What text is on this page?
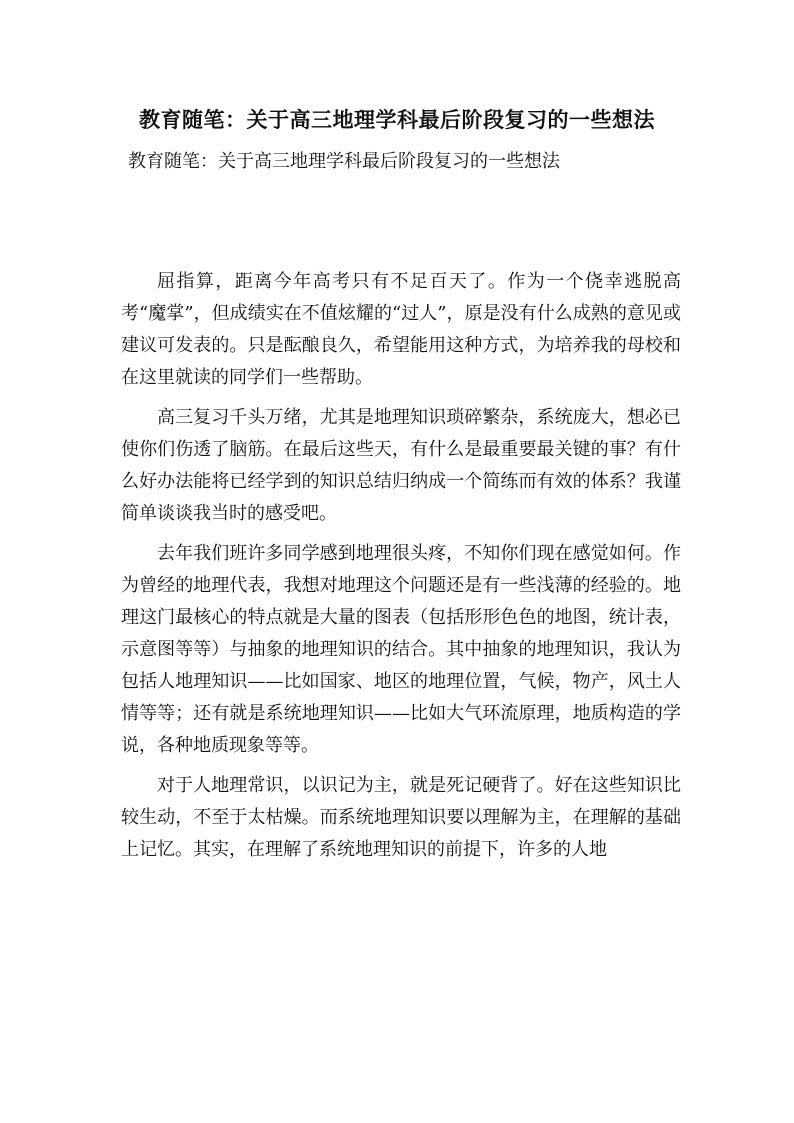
教育随笔：关于高三地理学科最后阶段复习的一些想法
教育随笔：关于高三地理学科最后阶段复习的一些想法

屈指算，距离今年高考只有不足百天了。作为一个侥幸逃脱高考“魔掌”，但成绩实在不值炫耀的“过人”，原是没有什么成熟的意见或建议可发表的。只是酝酿良久，希望能用这种方式，为培养我的母校和在这里就读的同学们一些帮助。

高三复习千头万绪，尤其是地理知识琐碎繁杂，系统庞大，想必已使你们伤透了脑筋。在最后这些天，有什么是最重要最关键的事？有什么好办法能将已经学到的知识总结归纳成一个简练而有效的体系？我谨简单谈谈我当时的感受吧。

去年我们班许多同学感到地理很头疼，不知你们现在感觉如何。作为曾经的地理代表，我想对地理这个问题还是有一些浅薄的经验的。地理这门最核心的特点就是大量的图表（包括形形色色的地图，统计表，示意图等等）与抽象的地理知识的结合。其中抽象的地理知识，我认为包括人地理知识——比如国家、地区的地理位置，气候，物产，风土人情等等；还有就是系统地理知识——比如大气环流原理，地质构造的学说，各种地质现象等等。

对于人地理常识，以识记为主，就是死记硬背了。好在这些知识比较生动，不至于太枯燥。而系统地理知识要以理解为主，在理解的基础上记忆。其实，在理解了系统地理知识的前提下，许多的人地
